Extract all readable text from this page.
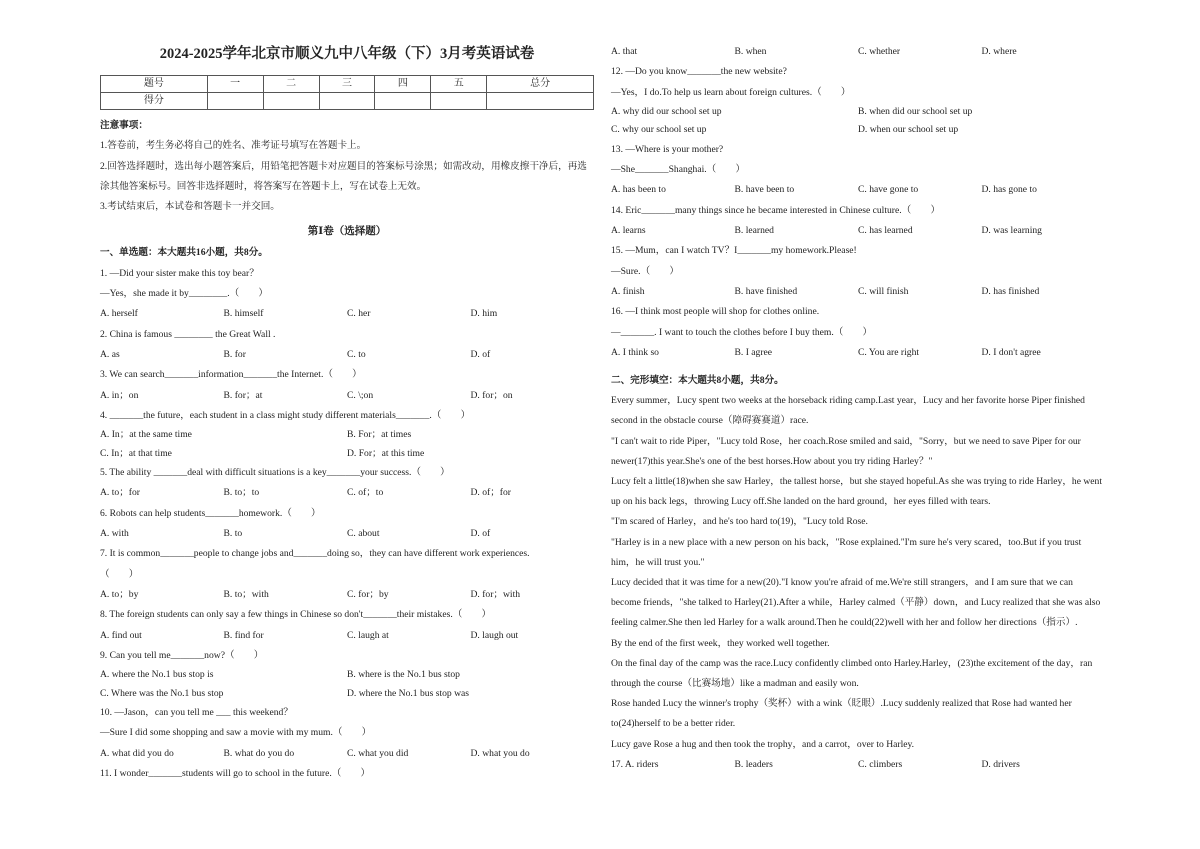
2024-2025学年北京市顺义九中八年级（下）3月考英语试卷
题号	一	二	三	四	五	总分
得分						
注意事项：
1.答卷前，考生务必将自己的姓名、准考证号填写在答题卡上。
2.回答选择题时，选出每小题答案后，用铅笔把答题卡对应题目的答案标号涂黑；如需改动，用橡皮擦干净后，再选涂其他答案标号。回答非选择题时，将答案写在答题卡上，写在试卷上无效。
3.考试结束后，本试卷和答题卡一并交回。
第Ⅰ卷（选择题）
一、单选题：本大题共16小题，共8分。
1. —Did your sister make this toy bear？
—Yes，she made it by________.（　　）
A. herself	B. himself	C. her	D. him
2. China is famous ________ the Great Wall .
A. as	B. for	C. to	D. of
3. We can search_______information_______the Internet.（　　）
A. in；on	B. for；at	C. \;on	D. for；on
4. _______the future，each student in a class might study different materials_______.（　　）
A. In；at the same time	B. For；at times
C. In；at that time	D. For；at this time
5. The ability _______deal with difficult situations is a key_______your success.（　　）
A. to；for	B. to；to	C. of；to	D. of；for
6. Robots can help students_______homework.（　　）
A. with	B. to	C. about	D. of
7. It is common_______people to change jobs and_______doing so，they can have different work experiences.
（　　）
A. to；by	B. to；with	C. for；by	D. for；with
8. The foreign students can only say a few things in Chinese so don't_______their mistakes.（　　）
A. find out	B. find for	C. laugh at	D. laugh out
9. Can you tell me_______now?（　　）
A. where the No.1 bus stop is	B. where is the No.1 bus stop
C. Where was the No.1 bus stop	D. where the No.1 bus stop was
10. —Jason，can you tell me ___ this weekend？
—Sure I did some shopping and saw a movie with my mum.（　　）
A. what did you do	B. what do you do	C. what you did	D. what you do
11. I wonder_______students will go to school in the future.（　　）
A. that	B. when	C. whether	D. where
12. —Do you know_______the new website?
—Yes，I do.To help us learn about foreign cultures.（　　）
A. why did our school set up	B. when did our school set up
C. why our school set up	D. when our school set up
13. —Where is your mother?
—She_______Shanghai.（　　）
A. has been to	B. have been to	C. have gone to	D. has gone to
14. Eric_______many things since he became interested in Chinese culture.（　　）
A. learns	B. learned	C. has learned	D. was learning
15. —Mum，can I watch TV？I_______my homework.Please!
—Sure.（　　）
A. finish	B. have finished	C. will finish	D. has finished
16. —I think most people will shop for clothes online.
—_______. I want to touch the clothes before I buy them.（　　）
A. I think so	B. I agree	C. You are right	D. I don't agree
二、完形填空：本大题共8小题，共8分。
Every summer，Lucy spent two weeks at the horseback riding camp.Last year，Lucy and her favorite horse Piper finished second in the obstacle course（障碍赛赛道）race.
"I can't wait to ride Piper，"Lucy told Rose，her coach.Rose smiled and said，"Sorry，but we need to save Piper for our newer(17)this year.She's one of the best horses.How about you try riding Harley？"
Lucy felt a little(18)when she saw Harley，the tallest horse，but she stayed hopeful.As she was trying to ride Harley，he went up on his back legs，throwing Lucy off.She landed on the hard ground，her eyes filled with tears.
"I'm scared of Harley，and he's too hard to(19)，"Lucy told Rose.
"Harley is in a new place with a new person on his back，"Rose explained."I'm sure he's very scared，too.But if you trust him，he will trust you."
Lucy decided that it was time for a new(20)."I know you're afraid of me.We're still strangers，and I am sure that we can become friends，"she talked to Harley(21).After a while，Harley calmed（平静）down，and Lucy realized that she was also feeling calmer.She then led Harley for a walk around.Then he could(22)well with her and follow her directions（指示）.
By the end of the first week，they worked well together.
On the final day of the camp was the race.Lucy confidently climbed onto Harley.Harley，(23)the excitement of the day，ran through the course（比赛场地）like a madman and easily won.
Rose handed Lucy the winner's trophy（奖杯）with a wink（眨眼）.Lucy suddenly realized that Rose had wanted her to(24)herself to be a better rider.
Lucy gave Rose a hug and then took the trophy，and a carrot，over to Harley.
17. A. riders	B. leaders	C. climbers	D. drivers
